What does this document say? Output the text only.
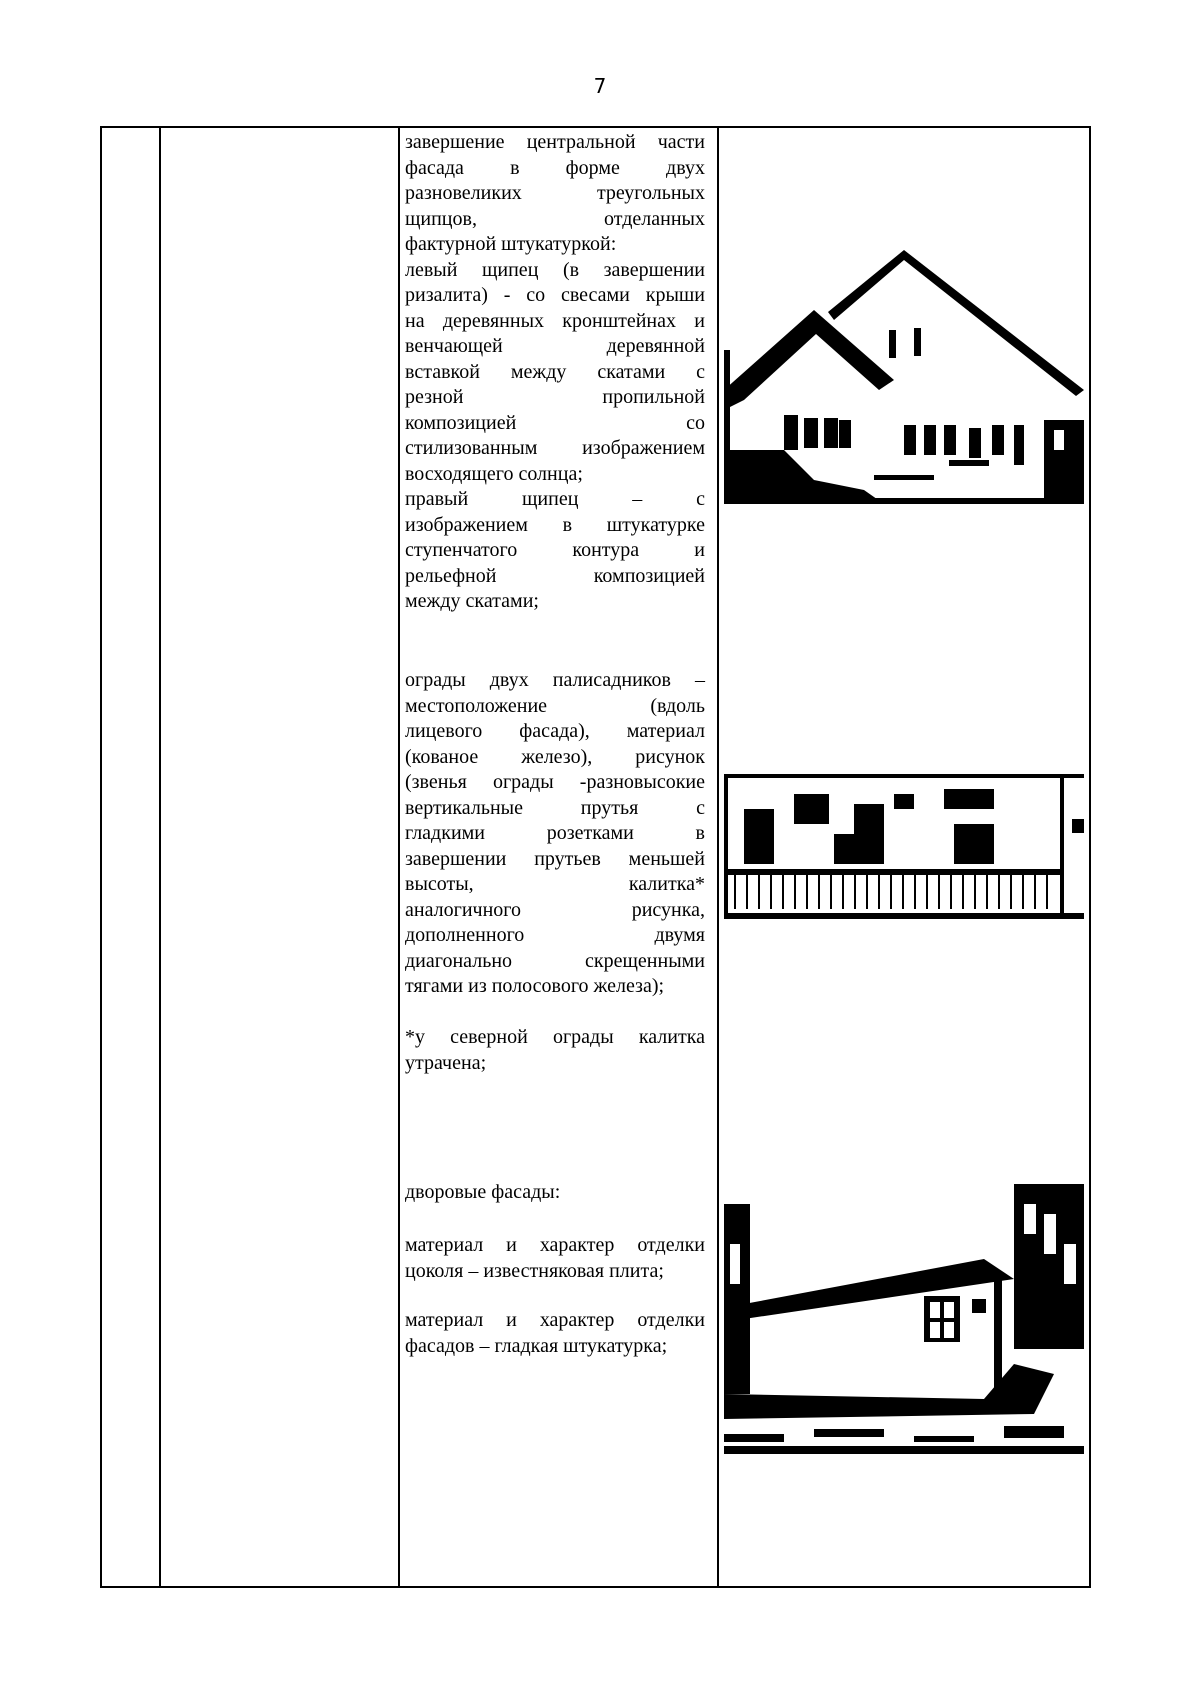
7

завершение центральной части

фасада в форме двух

разновеликих треугольных

щипцов, отделанных

фактурной штукатуркой:

левый щипец (в завершении

ризалита) - со свесами крыши

на деревянных кронштейнах и

венчающей деревянной

вставкой между скатами с

резной пропильной

композицией со

стилизованным изображением

восходящего солнца;

правый щипец – с

изображением в штукатурке

ступенчатого контура и

рельефной композицией

между скатами;

ограды двух палисадников –

местоположение (вдоль

лицевого фасада), материал

(кованое железо), рисунок

(звенья ограды -разновысокие

вертикальные прутья с

гладкими розетками в

завершении прутьев меньшей

высоты, калитка*

аналогичного рисунка,

дополненного двумя

диагонально скрещенными

тягами из полосового железа);

*у северной ограды калитка

утрачена;

дворовые фасады:

материал и характер отделки

цоколя – известняковая плита;

материал и характер отделки

фасадов – гладкая штукатурка;
